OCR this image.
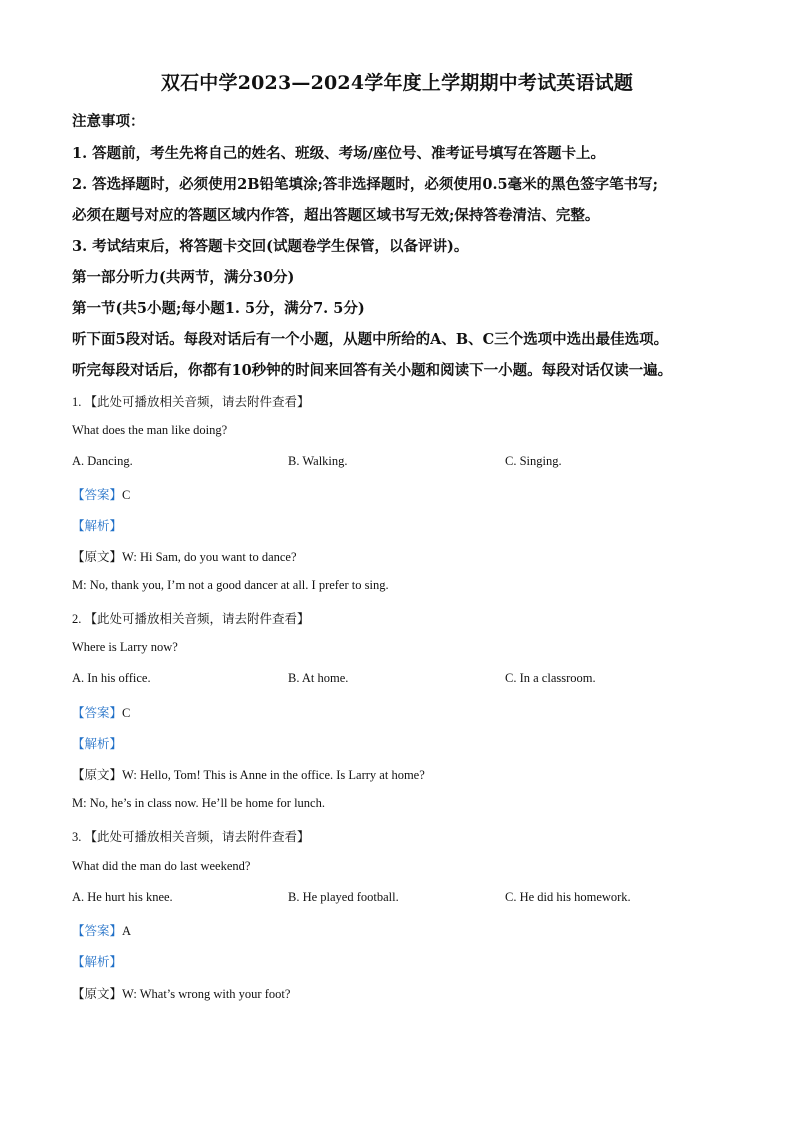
双石中学2023—2024学年度上学期期中考试英语试题
注意事项：
1. 答题前，考生先将自己的姓名、班级、考场/座位号、准考证号填写在答题卡上。
2. 答选择题时，必须使用2B铅笔填涂;答非选择题时，必须使用0.5毫米的黑色签字笔书写;
必须在题号对应的答题区域内作答，超出答题区域书写无效;保持答卷清洁、完整。
3. 考试结束后，将答题卡交回(试题卷学生保管，以备评讲)。
第一部分听力(共两节，满分30分)
第一节(共5小题;每小题1. 5分，满分7. 5分)
听下面5段对话。每段对话后有一个小题，从题中所给的A、B、C三个选项中选出最佳选项。
听完每段对话后，你都有10秒钟的时间来回答有关小题和阅读下一小题。每段对话仅读一遍。
1. 【此处可播放相关音频，请去附件查看】
What does the man like doing?
A. Dancing.	B. Walking.	C. Singing.
【答案】C
【解析】
【原文】W: Hi Sam, do you want to dance?
M: No, thank you, I’m not a good dancer at all. I prefer to sing.
2. 【此处可播放相关音频，请去附件查看】
Where is Larry now?
A. In his office.	B. At home.	C. In a classroom.
【答案】C
【解析】
【原文】W: Hello, Tom! This is Anne in the office. Is Larry at home?
M: No, he’s in class now. He’ll be home for lunch.
3. 【此处可播放相关音频，请去附件查看】
What did the man do last weekend?
A. He hurt his knee.	B. He played football.	C. He did his homework.
【答案】A
【解析】
【原文】W: What’s wrong with your foot?
